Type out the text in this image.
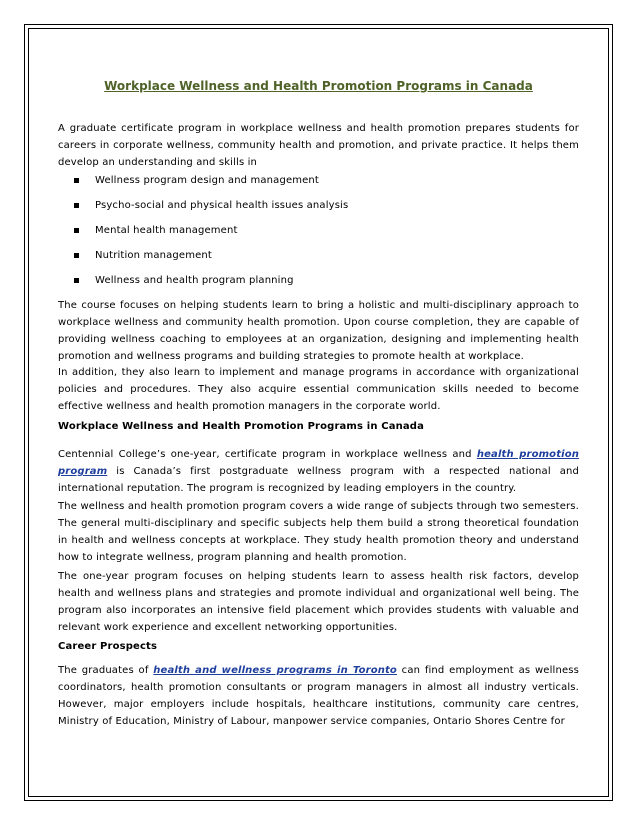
Workplace Wellness and Health Promotion Programs in Canada

A graduate certificate program in workplace wellness and health promotion prepares students for careers in corporate wellness, community health and promotion, and private practice. It helps them develop an understanding and skills in

Wellness program design and management
Psycho-social and physical health issues analysis
Mental health management
Nutrition management
Wellness and health program planning

The course focuses on helping students learn to bring a holistic and multi-disciplinary approach to workplace wellness and community health promotion. Upon course completion, they are capable of providing wellness coaching to employees at an organization, designing and implementing health promotion and wellness programs and building strategies to promote health at workplace.

In addition, they also learn to implement and manage programs in accordance with organizational policies and procedures. They also acquire essential communication skills needed to become effective wellness and health promotion managers in the corporate world.

Workplace Wellness and Health Promotion Programs in Canada

Centennial College’s one-year, certificate program in workplace wellness and health promotion program is Canada’s first postgraduate wellness program with a respected national and international reputation. The program is recognized by leading employers in the country.

The wellness and health promotion program covers a wide range of subjects through two semesters. The general multi-disciplinary and specific subjects help them build a strong theoretical foundation in health and wellness concepts at workplace. They study health promotion theory and understand how to integrate wellness, program planning and health promotion.

The one-year program focuses on helping students learn to assess health risk factors, develop health and wellness plans and strategies and promote individual and organizational well being. The program also incorporates an intensive field placement which provides students with valuable and relevant work experience and excellent networking opportunities.

Career Prospects

The graduates of health and wellness programs in Toronto can find employment as wellness coordinators, health promotion consultants or program managers in almost all industry verticals. However, major employers include hospitals, healthcare institutions, community care centres, Ministry of Education, Ministry of Labour, manpower service companies, Ontario Shores Centre for
